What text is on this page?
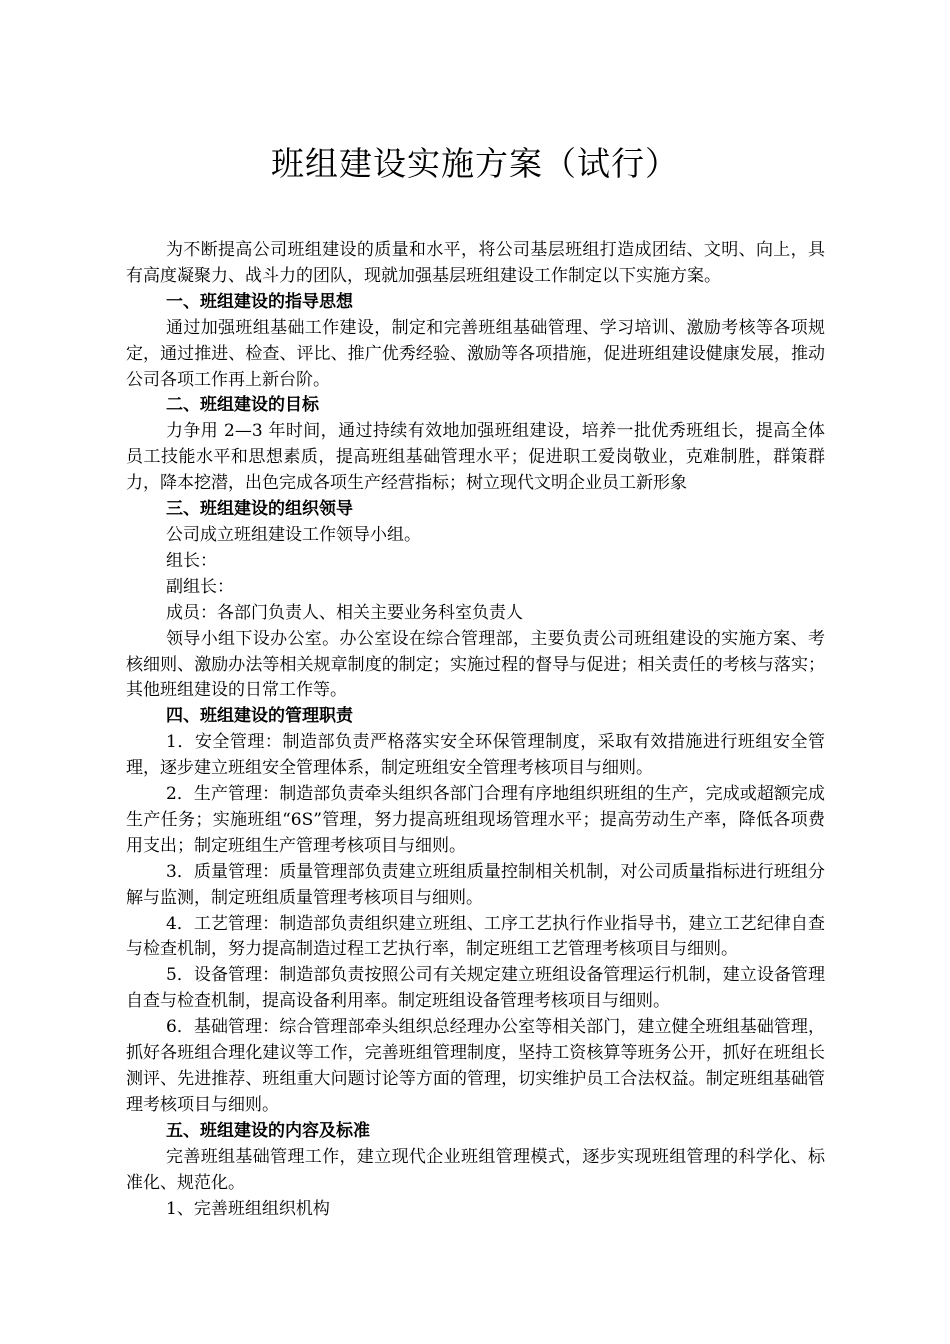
班组建设实施方案（试行）

为不断提高公司班组建设的质量和水平，将公司基层班组打造成团结、文明、向上，具有高度凝聚力、战斗力的团队，现就加强基层班组建设工作制定以下实施方案。

一、班组建设的指导思想

通过加强班组基础工作建设，制定和完善班组基础管理、学习培训、激励考核等各项规定，通过推进、检查、评比、推广优秀经验、激励等各项措施，促进班组建设健康发展，推动公司各项工作再上新台阶。

二、班组建设的目标

力争用 2—3 年时间，通过持续有效地加强班组建设，培养一批优秀班组长，提高全体员工技能水平和思想素质，提高班组基础管理水平；促进职工爱岗敬业，克难制胜，群策群力，降本挖潜，出色完成各项生产经营指标；树立现代文明企业员工新形象

三、班组建设的组织领导

公司成立班组建设工作领导小组。

组长：

副组长：

成员：各部门负责人、相关主要业务科室负责人

领导小组下设办公室。办公室设在综合管理部，主要负责公司班组建设的实施方案、考核细则、激励办法等相关规章制度的制定；实施过程的督导与促进；相关责任的考核与落实；其他班组建设的日常工作等。

四、班组建设的管理职责

1．安全管理：制造部负责严格落实安全环保管理制度，采取有效措施进行班组安全管理，逐步建立班组安全管理体系，制定班组安全管理考核项目与细则。

2．生产管理：制造部负责牵头组织各部门合理有序地组织班组的生产，完成或超额完成生产任务；实施班组“6S”管理，努力提高班组现场管理水平；提高劳动生产率，降低各项费用支出；制定班组生产管理考核项目与细则。

3．质量管理：质量管理部负责建立班组质量控制相关机制，对公司质量指标进行班组分解与监测，制定班组质量管理考核项目与细则。

4．工艺管理：制造部负责组织建立班组、工序工艺执行作业指导书，建立工艺纪律自查与检查机制，努力提高制造过程工艺执行率，制定班组工艺管理考核项目与细则。

5．设备管理：制造部负责按照公司有关规定建立班组设备管理运行机制，建立设备管理自查与检查机制，提高设备利用率。制定班组设备管理考核项目与细则。

6．基础管理：综合管理部牵头组织总经理办公室等相关部门，建立健全班组基础管理，抓好各班组合理化建议等工作，完善班组管理制度，坚持工资核算等班务公开，抓好在班组长测评、先进推荐、班组重大问题讨论等方面的管理，切实维护员工合法权益。制定班组基础管理考核项目与细则。

五、班组建设的内容及标准

完善班组基础管理工作，建立现代企业班组管理模式，逐步实现班组管理的科学化、标准化、规范化。

1、完善班组组织机构
